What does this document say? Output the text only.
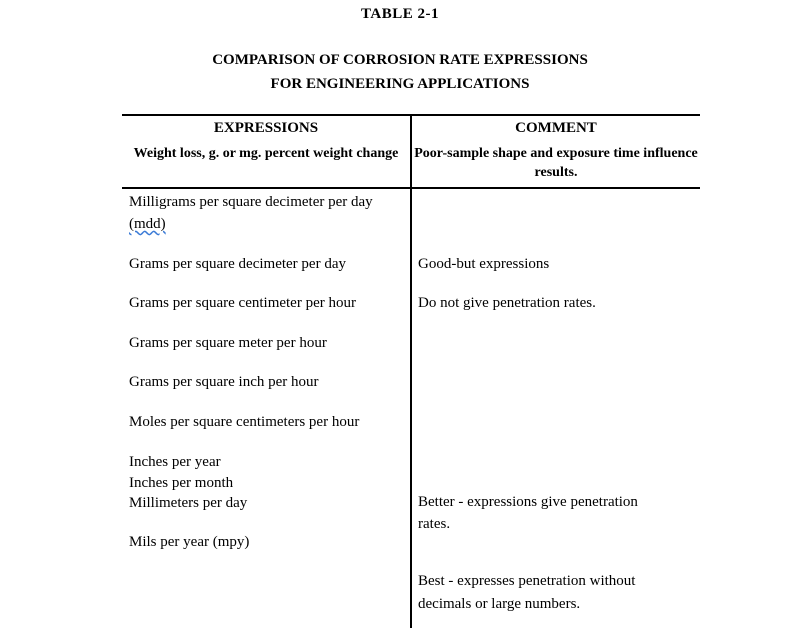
TABLE 2-1
COMPARISON OF CORROSION RATE EXPRESSIONS
FOR ENGINEERING APPLICATIONS
EXPRESSIONS
Weight loss, g. or mg. percent weight change
COMMENT
Poor-sample shape and exposure time influence results.
Milligrams per square decimeter per day
(mdd)
Grams per square decimeter per day
Grams per square centimeter per hour
Grams per square meter per hour
Grams per square inch per hour
Moles per square centimeters per hour
Inches per year
Inches per month
Millimeters per day
Mils per year (mpy)
Good-but expressions
Do not give penetration rates.
Better - expressions give penetration
rates.
Best - expresses penetration without
decimals or large numbers.
